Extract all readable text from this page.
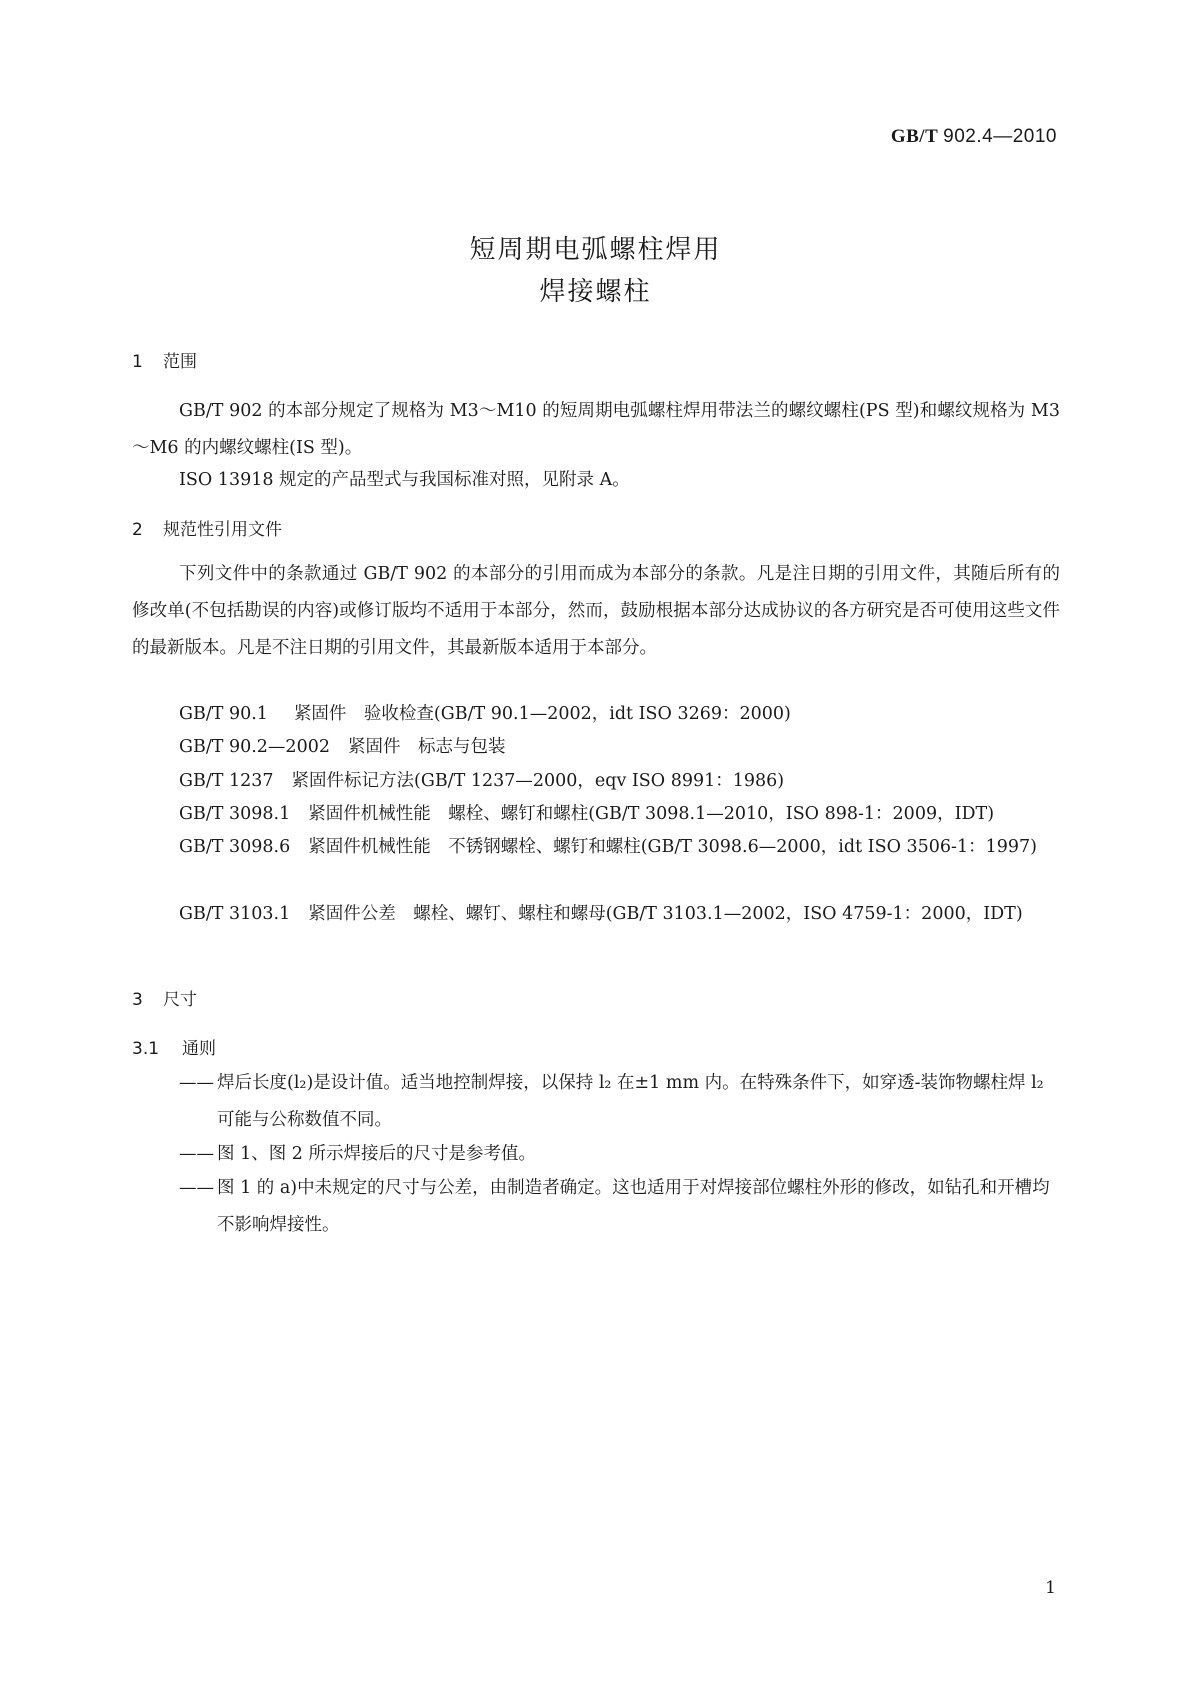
GB/T 902.4—2010
短周期电弧螺柱焊用
焊接螺柱
1 范围
GB/T 902 的本部分规定了规格为 M3～M10 的短周期电弧螺柱焊用带法兰的螺纹螺柱(PS 型)和螺纹规格为 M3～M6 的内螺纹螺柱(IS 型)。
ISO 13918 规定的产品型式与我国标准对照，见附录 A。
2 规范性引用文件
下列文件中的条款通过 GB/T 902 的本部分的引用而成为本部分的条款。凡是注日期的引用文件，其随后所有的修改单(不包括勘误的内容)或修订版均不适用于本部分，然而，鼓励根据本部分达成协议的各方研究是否可使用这些文件的最新版本。凡是不注日期的引用文件，其最新版本适用于本部分。
GB/T 90.1 紧固件　验收检查(GB/T 90.1—2002，idt ISO 3269：2000)
GB/T 90.2—2002 紧固件　标志与包装
GB/T 1237 紧固件标记方法(GB/T 1237—2000，eqv ISO 8991：1986)
GB/T 3098.1 紧固件机械性能　螺栓、螺钉和螺柱(GB/T 3098.1—2010，ISO 898-1：2009，IDT)
GB/T 3098.6 紧固件机械性能　不锈钢螺栓、螺钉和螺柱(GB/T 3098.6—2000，idt ISO 3506-1：1997)
GB/T 3103.1 紧固件公差　螺栓、螺钉、螺柱和螺母(GB/T 3103.1—2002，ISO 4759-1：2000，IDT)
3 尺寸
3.1 通则
—— 焊后长度(l₂)是设计值。适当地控制焊接，以保持 l₂ 在±1 mm 内。在特殊条件下，如穿透-装饰物螺柱焊 l₂ 可能与公称数值不同。
—— 图 1、图 2 所示焊接后的尺寸是参考值。
—— 图 1 的 a)中未规定的尺寸与公差，由制造者确定。这也适用于对焊接部位螺柱外形的修改，如钻孔和开槽均不影响焊接性。
1
